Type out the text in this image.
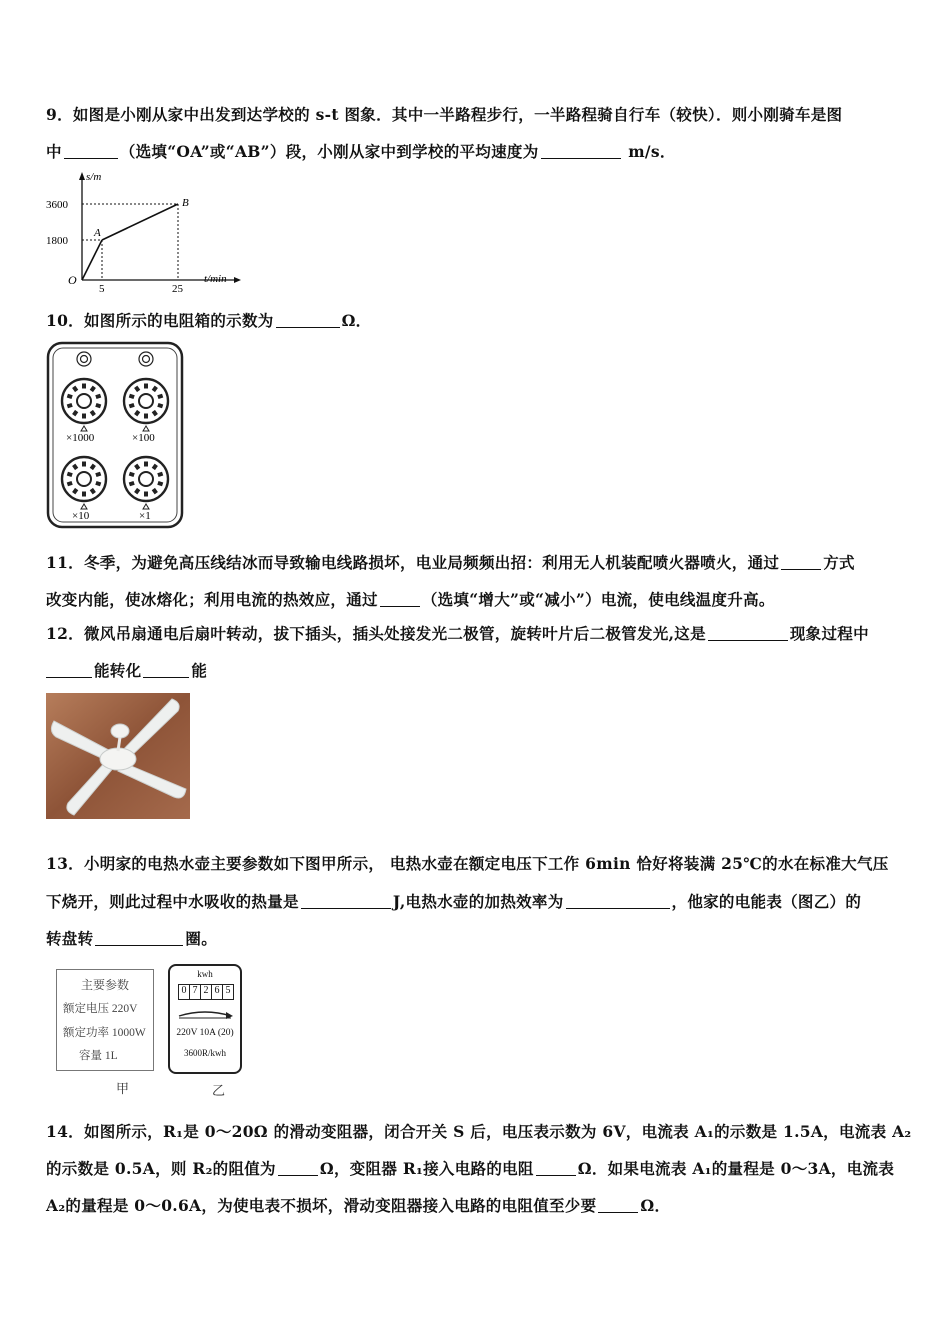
9．如图是小刚从家中出发到达学校的 s-t 图象．其中一半路程步行，一半路程骑自行车（较快）．则小刚骑车是图
中	（选填“OA”或“AB”）段，小刚从家中到学校的平均速度为	m/s．
s/m
3600
1800
O
5	25
t/min
A
B
10．如图所示的电阻箱的示数为	Ω．
×1000	×100
×10	×1
11．冬季，为避免高压线结冰而导致输电线路损坏，电业局频频出招：利用无人机装配喷火器喷火，通过	方式
改变内能，使冰熔化；利用电流的热效应，通过	（选填“增大”或“减小”）电流，使电线温度升高。
12．微风吊扇通电后扇叶转动，拔下插头，插头处接发光二极管，旋转叶片后二极管发光,这是	现象过程中
能转化	能
13．小明家的电热水壶主要参数如下图甲所示， 电热水壶在额定电压下工作 6min 恰好将装满 25℃的水在标准大气压
下烧开，则此过程中水吸收的热量是	J,电热水壶的加热效率为	，他家的电能表（图乙）的
转盘转	圈。
主要参数
额定电压 220V
额定功率 1000W
容量 1L
甲
kwh
0 7 2 6 5
220V 10A (20)
3600R/kwh
乙
14．如图所示，R₁是 0～20Ω 的滑动变阻器，闭合开关 S 后，电压表示数为 6V，电流表 A₁的示数是 1.5A，电流表 A₂
的示数是 0.5A，则 R₂的阻值为	Ω，变阻器 R₁接入电路的电阻	Ω．如果电流表 A₁的量程是 0～3A，电流表
A₂的量程是 0～0.6A，为使电表不损坏，滑动变阻器接入电路的电阻值至少要	Ω．
